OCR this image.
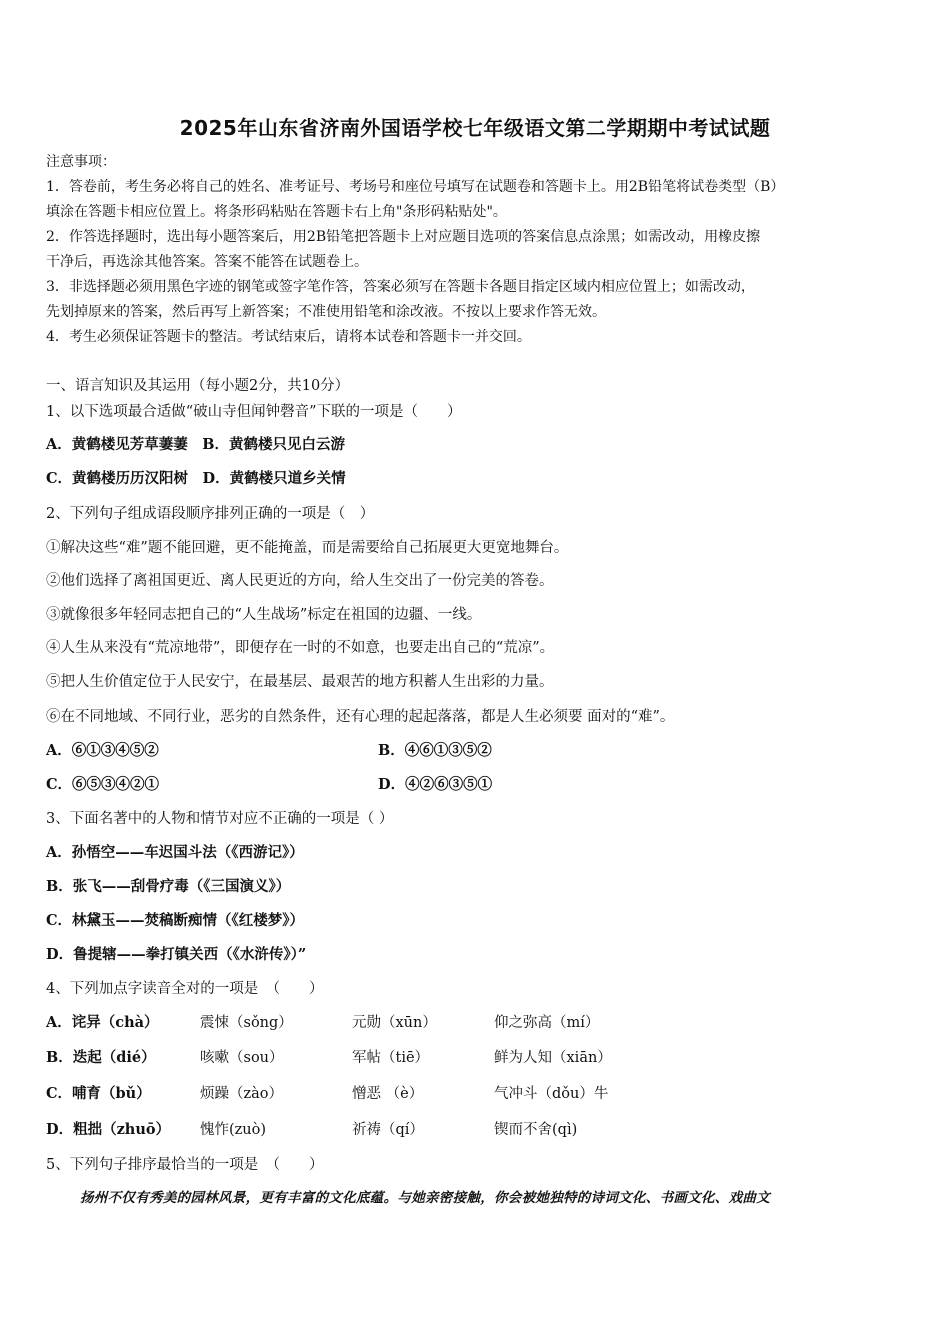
2025年山东省济南外国语学校七年级语文第二学期期中考试试题
注意事项：
1．答卷前，考生务必将自己的姓名、准考证号、考场号和座位号填写在试题卷和答题卡上。用2B铅笔将试卷类型（B）
填涂在答题卡相应位置上。将条形码粘贴在答题卡右上角"条形码粘贴处"。
2．作答选择题时，选出每小题答案后，用2B铅笔把答题卡上对应题目选项的答案信息点涂黑；如需改动，用橡皮擦
干净后，再选涂其他答案。答案不能答在试题卷上。
3．非选择题必须用黑色字迹的钢笔或签字笔作答，答案必须写在答题卡各题目指定区域内相应位置上；如需改动，
先划掉原来的答案，然后再写上新答案；不准使用铅笔和涂改液。不按以上要求作答无效。
4．考生必须保证答题卡的整洁。考试结束后，请将本试卷和答题卡一并交回。
一、语言知识及其运用（每小题2分，共10分）
1、以下选项最合适做“破山寺但闻钟磬音”下联的一项是（　　）
A．黄鹤楼见芳草萋萋　B．黄鹤楼只见白云游
C．黄鹤楼历历汉阳树　D．黄鹤楼只道乡关情
2、下列句子组成语段顺序排列正确的一项是（　）
①解决这些“难”题不能回避，更不能掩盖，而是需要给自己拓展更大更宽地舞台。
②他们选择了离祖国更近、离人民更近的方向，给人生交出了一份完美的答卷。
③就像很多年轻同志把自己的“人生战场”标定在祖国的边疆、一线。
④人生从来没有“荒凉地带”，即便存在一时的不如意，也要走出自己的“荒凉”。
⑤把人生价值定位于人民安宁，在最基层、最艰苦的地方积蓄人生出彩的力量。
⑥在不同地域、不同行业，恶劣的自然条件，还有心理的起起落落，都是人生必须要 面对的“难”。
A．⑥①③④⑤②	B．④⑥①③⑤②
C．⑥⑤③④②①	D．④②⑥③⑤①
3、下面名著中的人物和情节对应不正确的一项是（ ）
A．孙悟空——车迟国斗法（《西游记》）
B．张飞——刮骨疗毒（《三国演义》）
C．林黛玉——焚稿断痴情（《红楼梦》）
D．鲁提辖——拳打镇关西（《水浒传》）”
4、下列加点字读音全对的一项是　（　　）
A．诧异（chà）	震悚（sǒng）	元勋（xūn）	仰之弥高（mí）
B．迭起（dié）	咳嗽（sou）	军帖（tiē）	鲜为人知（xiān）
C．哺育（bǔ）	烦躁（zào）	憎恶 （è）	气冲斗（dǒu）牛
D．粗拙（zhuō） 愧怍(zuò)	祈祷（qí）	锲而不舍(qì)
5、下列句子排序最恰当的一项是　（　　）
扬州不仅有秀美的园林风景，更有丰富的文化底蕴。与她亲密接触，你会被她独特的诗词文化、书画文化、戏曲文
